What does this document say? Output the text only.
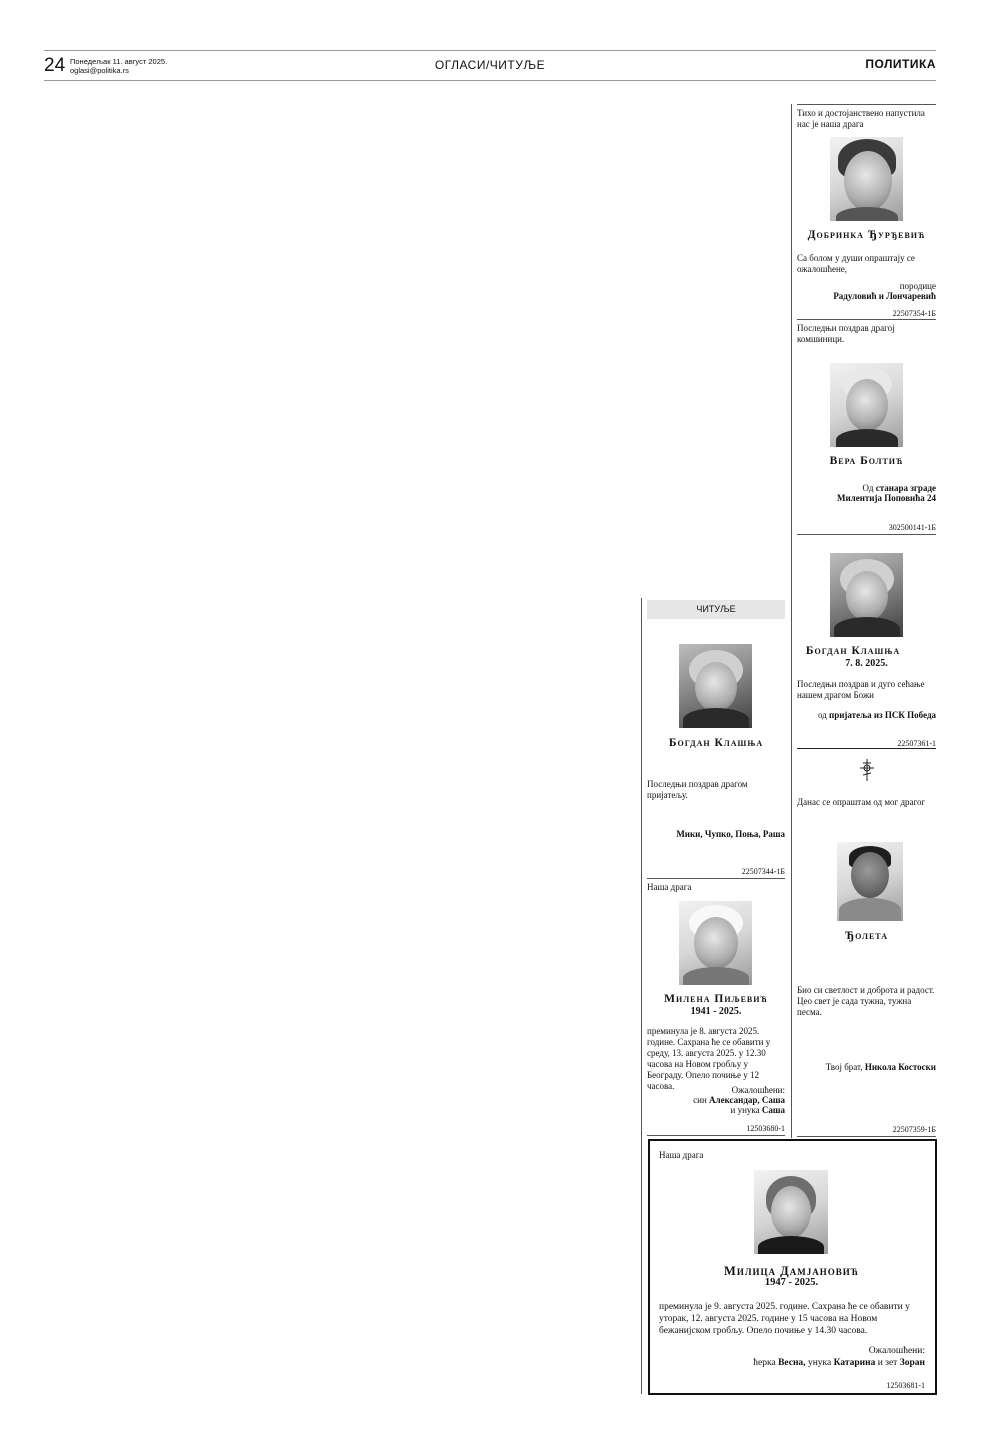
24 Понедељак 11. август 2025.
oglasi@politika.rs	ОГЛАСИ/ЧИТУЉЕ	ПОЛИТИКА
Тихо и достојанствено напустила нас је наша драга
Добринка Ђурђевић
Са болом у души опраштају се ожалошћене,
породице
Радуловић и Лончаревић
22507354-1Б
Последњи поздрав драгој комшиници.
Вера Болтић
Од станара зграде
Милентија Поповића 24
302500141-1Б
Богдан Клашња
7. 8. 2025.
Последњи поздрав и дуго сећање нашем драгом Божи
од пријатеља из ПСК Победа
22507361-1
Данас се опраштам од мог драгог
Ђолета
Био си светлост и доброта и радост. Цео свет је сада тужна, тужна песма.
Твој брат, Никола Костоски
22507359-1Б
ЧИТУЉЕ
Богдан Клашња
Последњи поздрав драгом пријатељу.
Мики, Чупко, Поња, Раша
22507344-1Б
Наша драга
Милена Пиљевић
1941 - 2025.
преминула је 8. августа 2025. године. Сахрана ће се обавити у среду, 13. августа 2025. у 12.30 часова на Новом гробљу у Београду. Опело почиње у 12 часова.	Ожалошћени:
син Александар, Саша
и унука Саша
12503680-1
Наша драга
Милица Дамјановић
1947 - 2025.
преминула је 9. августа 2025. године. Сахрана ће се обавити у уторак, 12. августа 2025. године у 15 часова на Новом бежанијском гробљу. Опело почиње у 14.30 часова.
Ожалошћени:
ћерка Весна, унука Катарина и зет Зоран
12503681-1
